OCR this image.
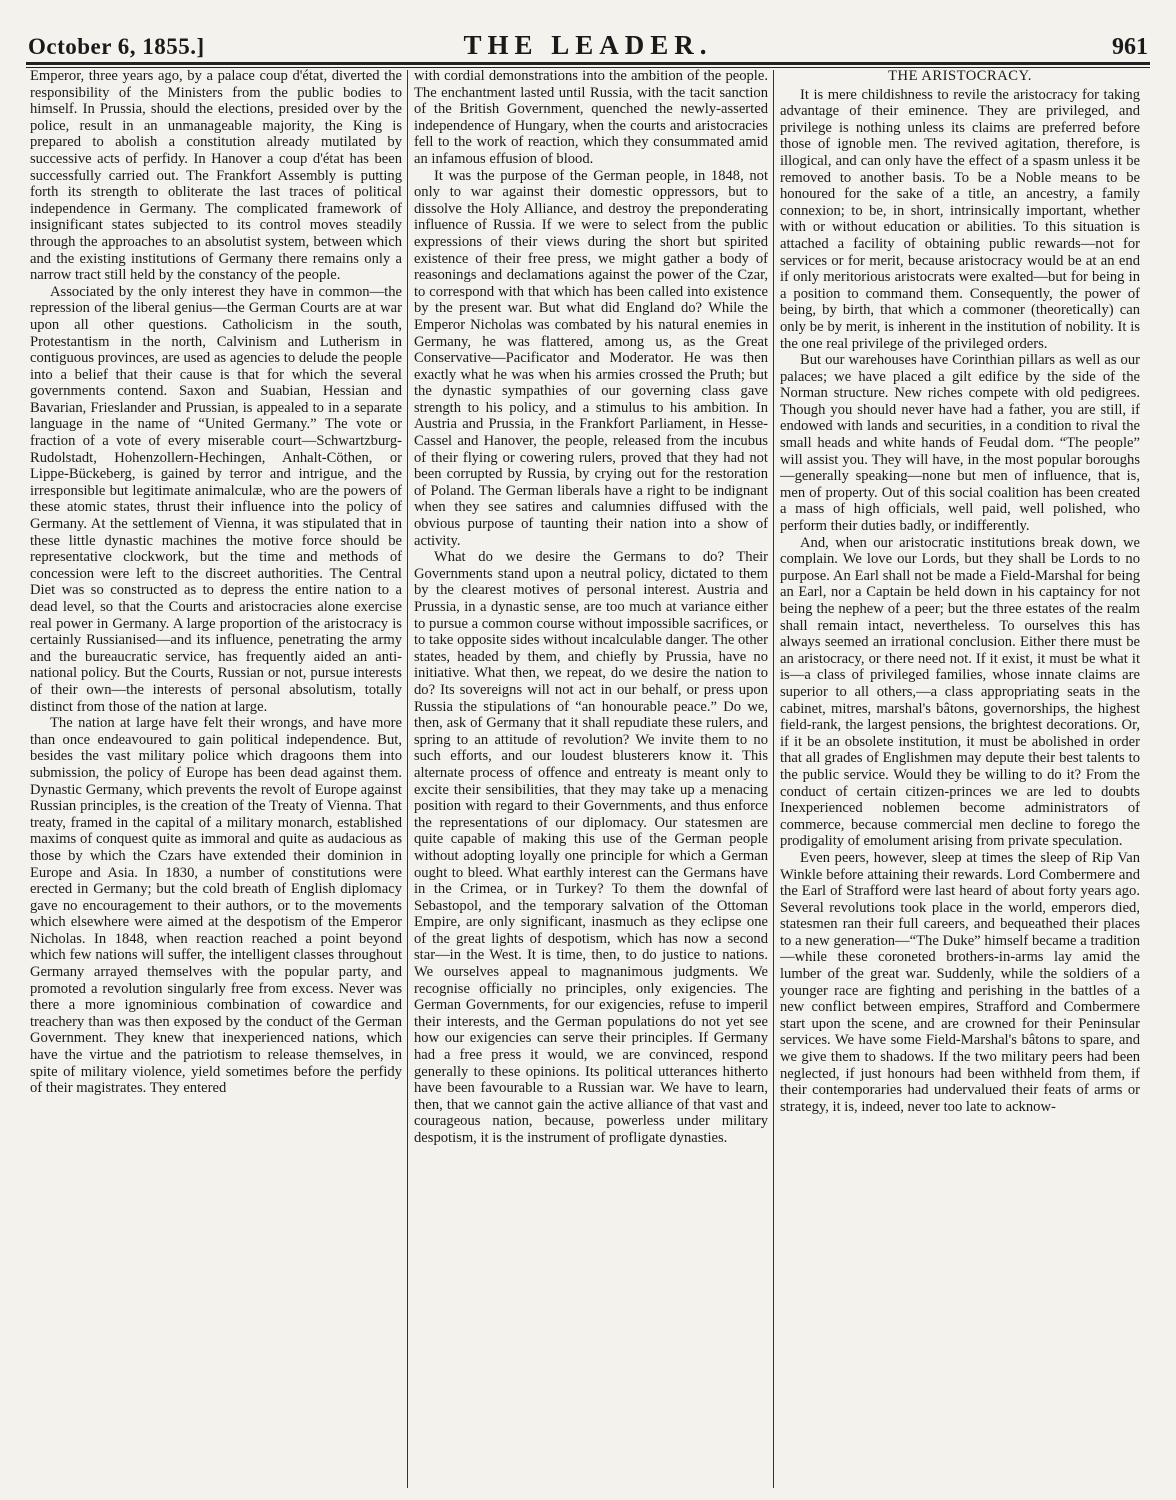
October 6, 1855.]	THE LEADER.	961

Emperor, three years ago, by a palace coup d'état, diverted the responsibility of the Ministers from the public bodies to himself. In Prussia, should the elections, presided over by the police, result in an unmanageable majority, the King is prepared to abolish a constitution already mutilated by successive acts of perfidy. In Hanover a coup d'état has been successfully carried out. The Frankfort Assembly is putting forth its strength to obliterate the last traces of political independence in Germany. The complicated framework of insignificant states subjected to its control moves steadily through the approaches to an absolutist system, between which and the existing institutions of Germany there remains only a narrow tract still held by the constancy of the people.

Associated by the only interest they have in common—the repression of the liberal genius—the German Courts are at war upon all other questions. Catholicism in the south, Protestantism in the north, Calvinism and Lutherism in contiguous provinces, are used as agencies to delude the people into a belief that their cause is that for which the several governments contend. Saxon and Suabian, Hessian and Bavarian, Frieslander and Prussian, is appealed to in a separate language in the name of “United Germany.” The vote or fraction of a vote of every miserable court—Schwartzburg-Rudolstadt, Hohenzollern-Hechingen, Anhalt-Cöthen, or Lippe-Bückeberg, is gained by terror and intrigue, and the irresponsible but legitimate animalculæ, who are the powers of these atomic states, thrust their influence into the policy of Germany. At the settlement of Vienna, it was stipulated that in these little dynastic machines the motive force should be representative clockwork, but the time and methods of concession were left to the discreet authorities. The Central Diet was so constructed as to depress the entire nation to a dead level, so that the Courts and aristocracies alone exercise real power in Germany. A large proportion of the aristocracy is certainly Russianised—and its influence, penetrating the army and the bureaucratic service, has frequently aided an anti-national policy. But the Courts, Russian or not, pursue interests of their own—the interests of personal absolutism, totally distinct from those of the nation at large.

The nation at large have felt their wrongs, and have more than once endeavoured to gain political independence. But, besides the vast military police which dragoons them into submission, the policy of Europe has been dead against them. Dynastic Germany, which prevents the revolt of Europe against Russian principles, is the creation of the Treaty of Vienna. That treaty, framed in the capital of a military monarch, established maxims of conquest quite as immoral and quite as audacious as those by which the Czars have extended their dominion in Europe and Asia. In 1830, a number of constitutions were erected in Germany; but the cold breath of English diplomacy gave no encouragement to their authors, or to the movements which elsewhere were aimed at the despotism of the Emperor Nicholas. In 1848, when reaction reached a point beyond which few nations will suffer, the intelligent classes throughout Germany arrayed themselves with the popular party, and promoted a revolution singularly free from excess. Never was there a more ignominious combination of cowardice and treachery than was then exposed by the conduct of the German Government. They knew that inexperienced nations, which have the virtue and the patriotism to release themselves, in spite of military violence, yield sometimes before the perfidy of their magistrates. They entered

with cordial demonstrations into the ambition of the people. The enchantment lasted until Russia, with the tacit sanction of the British Government, quenched the newly-asserted independence of Hungary, when the courts and aristocracies fell to the work of reaction, which they consummated amid an infamous effusion of blood.

It was the purpose of the German people, in 1848, not only to war against their domestic oppressors, but to dissolve the Holy Alliance, and destroy the preponderating influence of Russia. If we were to select from the public expressions of their views during the short but spirited existence of their free press, we might gather a body of reasonings and declamations against the power of the Czar, to correspond with that which has been called into existence by the present war. But what did England do? While the Emperor Nicholas was combated by his natural enemies in Germany, he was flattered, among us, as the Great Conservative—Pacificator and Moderator. He was then exactly what he was when his armies crossed the Pruth; but the dynastic sympathies of our governing class gave strength to his policy, and a stimulus to his ambition. In Austria and Prussia, in the Frankfort Parliament, in Hesse-Cassel and Hanover, the people, released from the incubus of their flying or cowering rulers, proved that they had not been corrupted by Russia, by crying out for the restoration of Poland. The German liberals have a right to be indignant when they see satires and calumnies diffused with the obvious purpose of taunting their nation into a show of activity.

What do we desire the Germans to do? Their Governments stand upon a neutral policy, dictated to them by the clearest motives of personal interest. Austria and Prussia, in a dynastic sense, are too much at variance either to pursue a common course without impossible sacrifices, or to take opposite sides without incalculable danger. The other states, headed by them, and chiefly by Prussia, have no initiative. What then, we repeat, do we desire the nation to do? Its sovereigns will not act in our behalf, or press upon Russia the stipulations of “an honourable peace.” Do we, then, ask of Germany that it shall repudiate these rulers, and spring to an attitude of revolution? We invite them to no such efforts, and our loudest blusterers know it. This alternate process of offence and entreaty is meant only to excite their sensibilities, that they may take up a menacing position with regard to their Governments, and thus enforce the representations of our diplomacy. Our statesmen are quite capable of making this use of the German people without adopting loyally one principle for which a German ought to bleed. What earthly interest can the Germans have in the Crimea, or in Turkey? To them the downfal of Sebastopol, and the temporary salvation of the Ottoman Empire, are only significant, inasmuch as they eclipse one of the great lights of despotism, which has now a second star—in the West. It is time, then, to do justice to nations. We ourselves appeal to magnanimous judgments. We recognise officially no principles, only exigencies. The German Governments, for our exigencies, refuse to imperil their interests, and the German populations do not yet see how our exigencies can serve their principles. If Germany had a free press it would, we are convinced, respond generally to these opinions. Its political utterances hitherto have been favourable to a Russian war. We have to learn, then, that we cannot gain the active alliance of that vast and courageous nation, because, powerless under military despotism, it is the instrument of profligate dynasties.

THE ARISTOCRACY.

It is mere childishness to revile the aristocracy for taking advantage of their eminence. They are privileged, and privilege is nothing unless its claims are preferred before those of ignoble men. The revived agitation, therefore, is illogical, and can only have the effect of a spasm unless it be removed to another basis. To be a Noble means to be honoured for the sake of a title, an ancestry, a family connexion; to be, in short, intrinsically important, whether with or without education or abilities. To this situation is attached a facility of obtaining public rewards—not for services or for merit, because aristocracy would be at an end if only meritorious aristocrats were exalted—but for being in a position to command them. Consequently, the power of being, by birth, that which a commoner (theoretically) can only be by merit, is inherent in the institution of nobility. It is the one real privilege of the privileged orders.

But our warehouses have Corinthian pillars as well as our palaces; we have placed a gilt edifice by the side of the Norman structure. New riches compete with old pedigrees. Though you should never have had a father, you are still, if endowed with lands and securities, in a condition to rival the small heads and white hands of Feudal dom. “The people” will assist you. They will have, in the most popular boroughs—generally speaking—none but men of influence, that is, men of property. Out of this social coalition has been created a mass of high officials, well paid, well polished, who perform their duties badly, or indifferently.

And, when our aristocratic institutions break down, we complain. We love our Lords, but they shall be Lords to no purpose. An Earl shall not be made a Field-Marshal for being an Earl, nor a Captain be held down in his captaincy for not being the nephew of a peer; but the three estates of the realm shall remain intact, nevertheless. To ourselves this has always seemed an irrational conclusion. Either there must be an aristocracy, or there need not. If it exist, it must be what it is—a class of privileged families, whose innate claims are superior to all others,—a class appropriating seats in the cabinet, mitres, marshal's bâtons, governorships, the highest field-rank, the largest pensions, the brightest decorations. Or, if it be an obsolete institution, it must be abolished in order that all grades of Englishmen may depute their best talents to the public service. Would they be willing to do it? From the conduct of certain citizen-princes we are led to doubts Inexperienced noblemen become administrators of commerce, because commercial men decline to forego the prodigality of emolument arising from private speculation.

Even peers, however, sleep at times the sleep of Rip Van Winkle before attaining their rewards. Lord Combermere and the Earl of Strafford were last heard of about forty years ago. Several revolutions took place in the world, emperors died, statesmen ran their full careers, and bequeathed their places to a new generation—“The Duke” himself became a tradition—while these coroneted brothers-in-arms lay amid the lumber of the great war. Suddenly, while the soldiers of a younger race are fighting and perishing in the battles of a new conflict between empires, Strafford and Combermere start upon the scene, and are crowned for their Peninsular services. We have some Field-Marshal's bâtons to spare, and we give them to shadows. If the two military peers had been neglected, if just honours had been withheld from them, if their contemporaries had undervalued their feats of arms or strategy, it is, indeed, never too late to acknow-
